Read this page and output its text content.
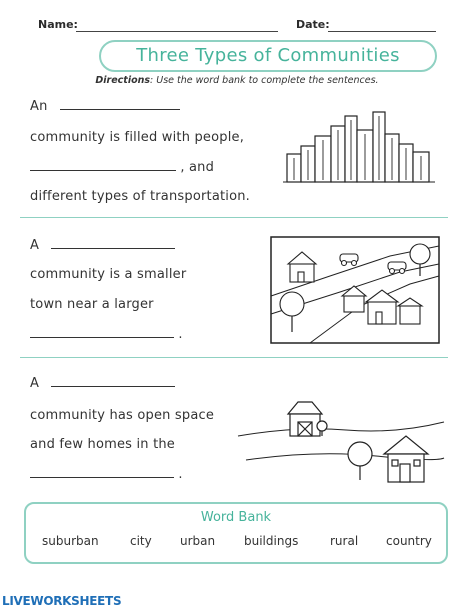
Name:	Date:
Three Types of Communities
Directions: Use the word bank to complete the sentences.
An
community is filled with people,
, and
different types of transportation.
A
community is a smaller
town near a larger
.
A
community has open space
and few homes in the
.
Word Bank
suburban	city urban buildings	rural country
LIVEWORKSHEETS
